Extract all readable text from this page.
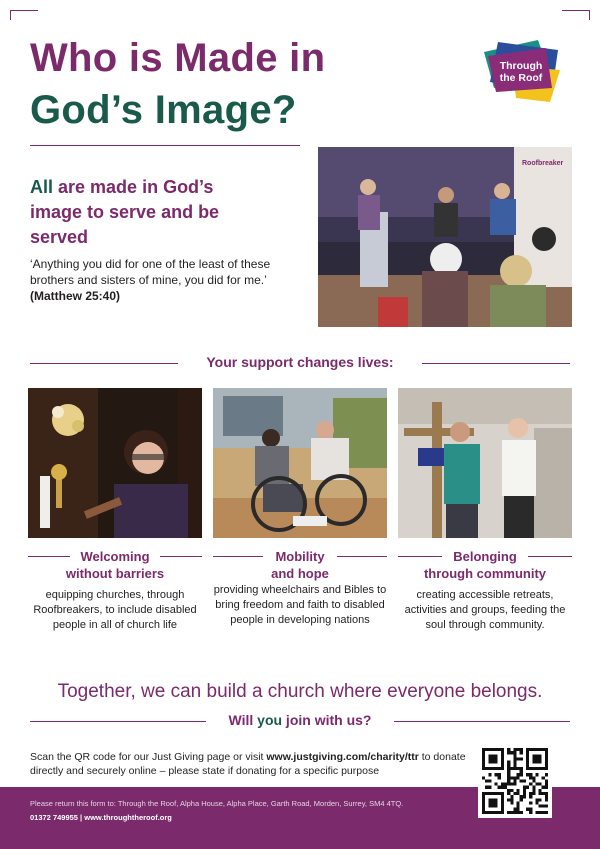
Who is Made in
God’s Image?
Through
the Roof

All are made in God’s image to serve and be served

‘Anything you did for one of the least of these brothers and sisters of mine, you did for me.’ (Matthew 25:40)

Roofbreaker
Your support changes lives:
Welcoming
without barriers

equipping churches, through Roofbreakers, to include disabled people in all of church life

Mobility
and hope

providing wheelchairs and Bibles to bring freedom and faith to disabled people in developing nations

Belonging
through community

creating accessible retreats, activities and groups, feeding the soul through community.

Together, we can build a church where everyone belongs.

Will you join with us?

Scan the QR code for our Just Giving page or visit www.justgiving.com/charity/ttr to donate directly and securely online – please state if donating for a specific purpose

Please return this form to: Through the Roof, Alpha House, Alpha Place, Garth Road, Morden, Surrey, SM4 4TQ.
01372 749955 | www.throughtheroof.org
